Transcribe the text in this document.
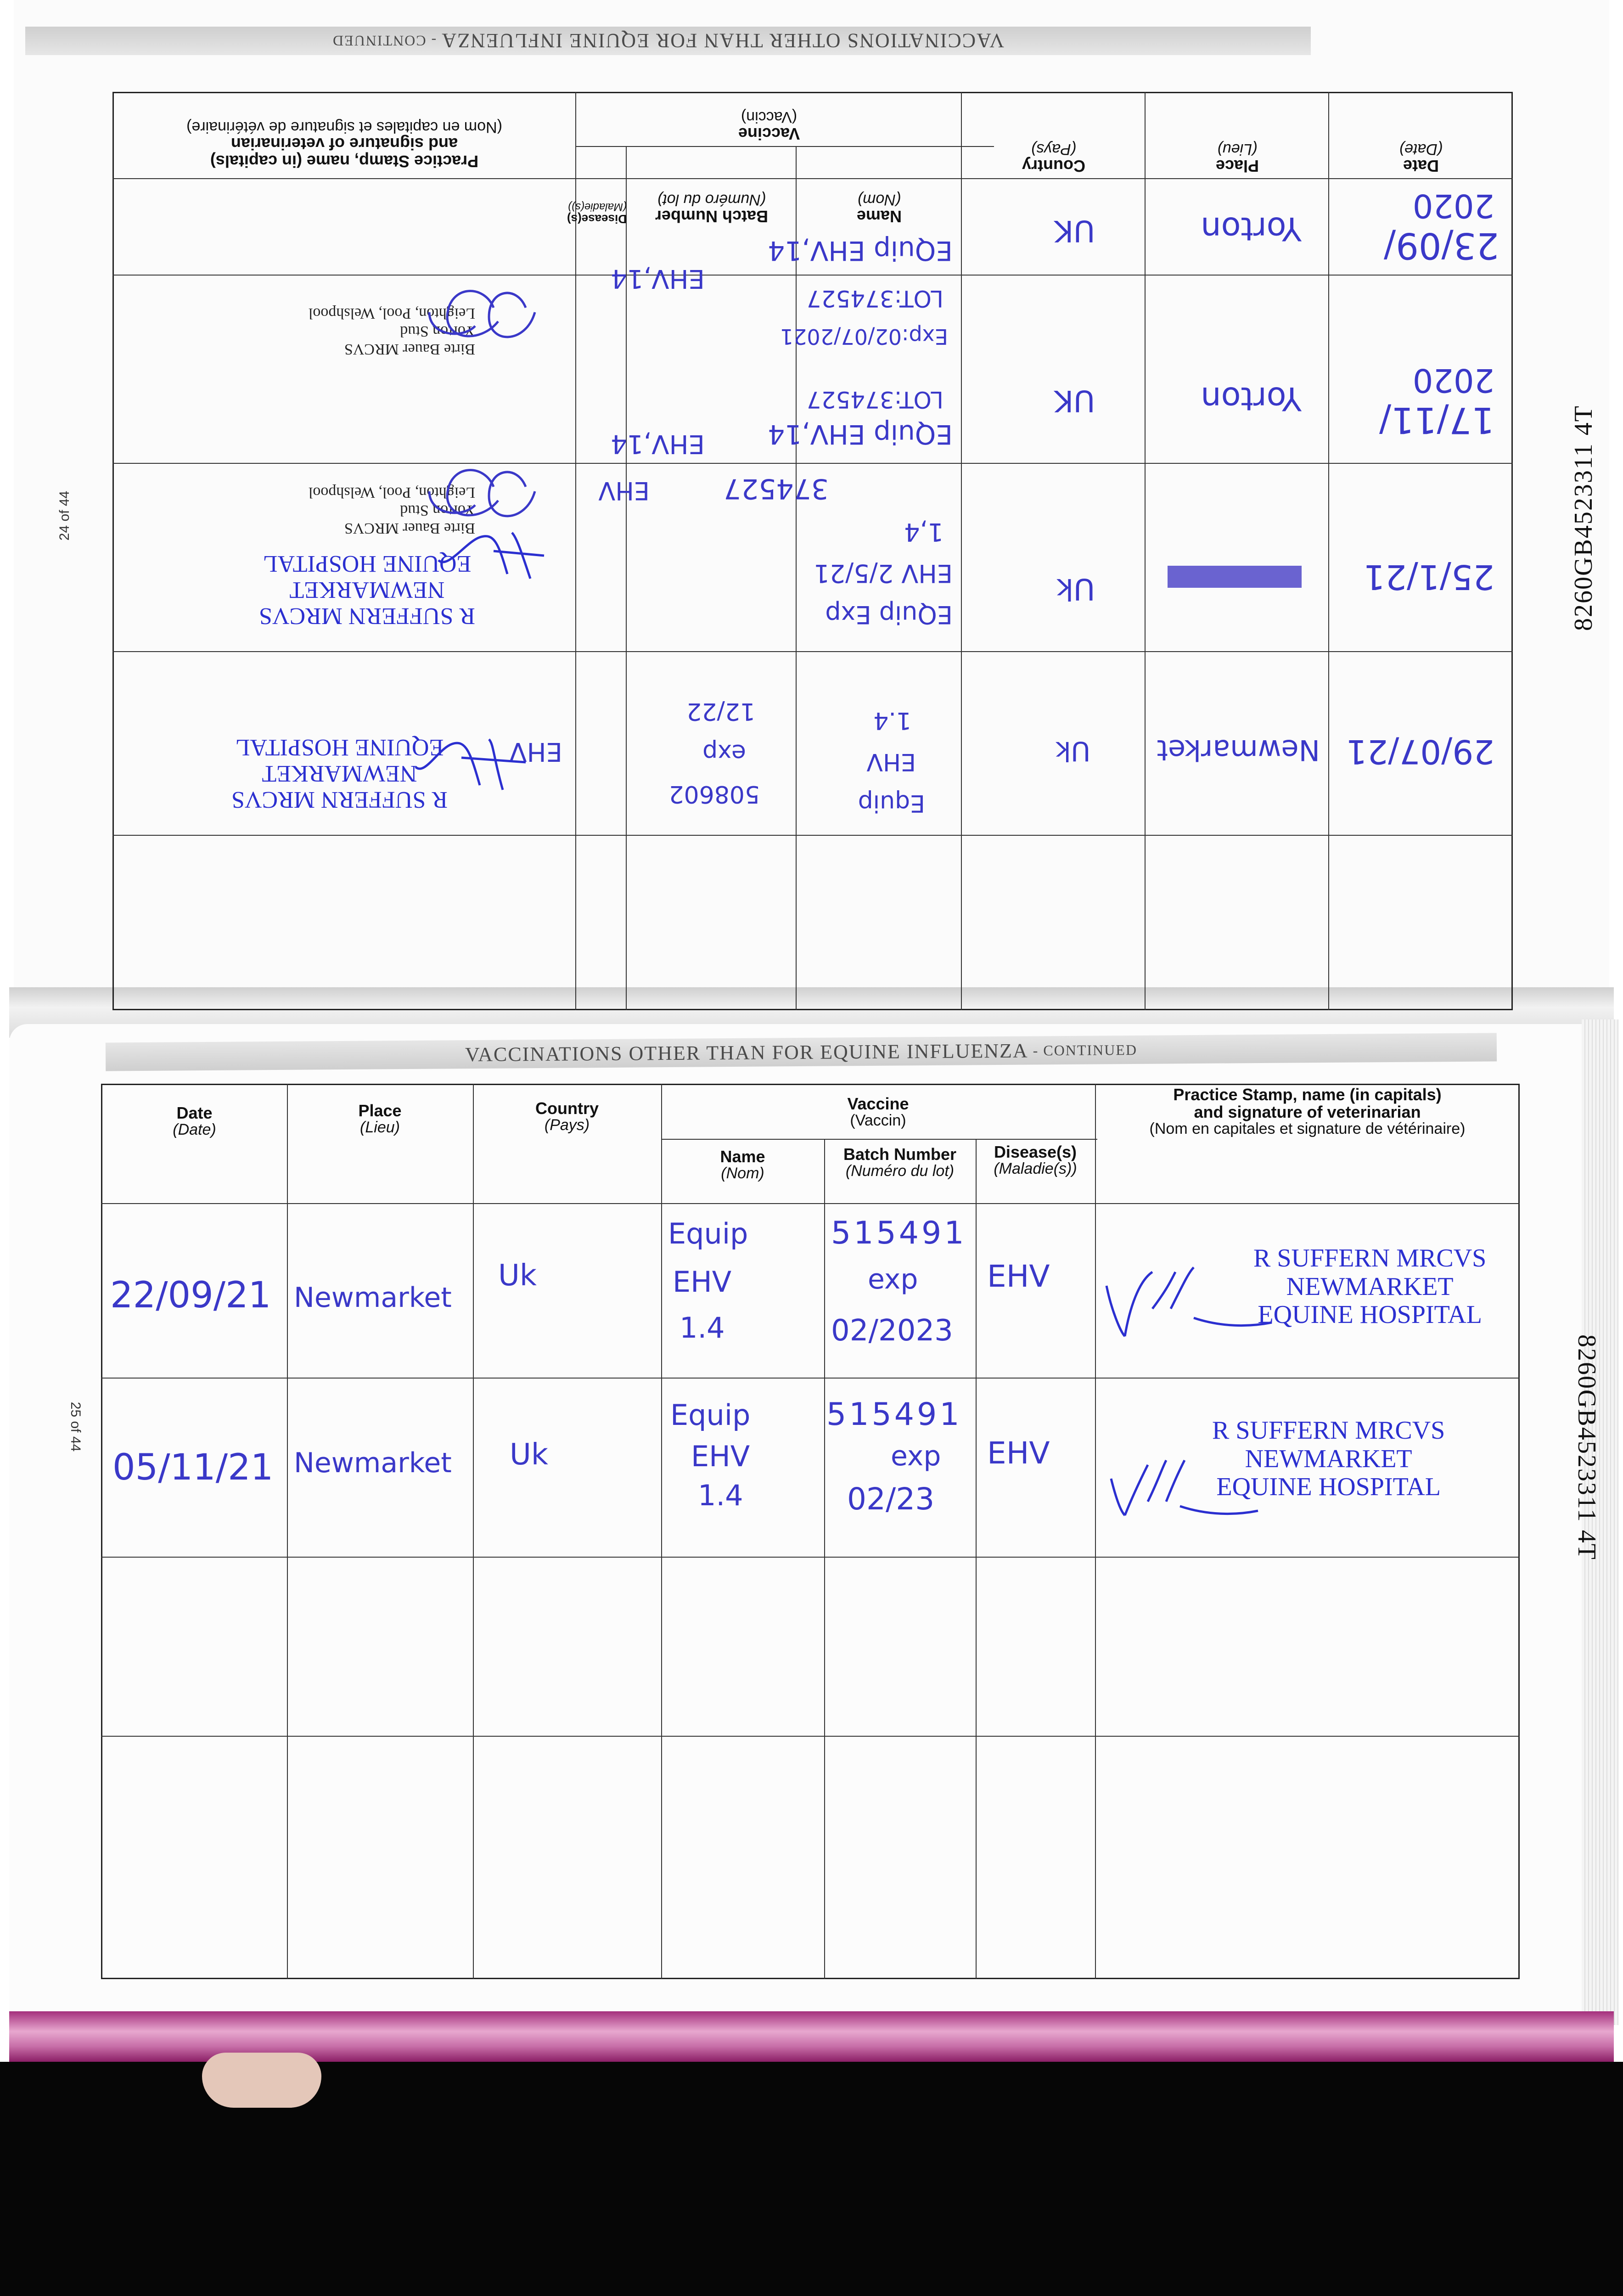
VACCINATIONS OTHER THAN FOR EQUINE INFLUENZA
- CONTINUED
Date
(Date)
Place
(Lieu)
Country
(Pays)
Vaccine
(Vaccin)
Name
(Nom)
Batch Number
(Numéro du lot)
Disease(s)
(Maladie(s))
Practice Stamp, name (in capitals)
and signature of veterinarian
(Nom en capitales et signature de vétérinaire)
23/09/
2020
Yorton
UK
EQuip EHV,14
LOT:374527
Exp:02/07/2021
EHV,14
Birte Bauer MRCVS
Yorton Stud
Leighton, Pool, Welshpool
17/11/
2020
Yorton
UK
EQuip EHV,14
LOT:374527
EHV,14
Birte Bauer MRCVS
Yorton Stud
Leighton, Pool, Welshpool
25/1/21
NEWMARKET
Uk
EQuip Exp
EHV 2/5/21
1,4
374527
EHV
R SUFFERN MRCVS
NEWMARKET
EQUINE HOSPITAL
29/07/21
Newmarket
Uk
Equip
EHV
1.4
508602
exp
12/22
EHV
R SUFFERN MRCVS
NEWMARKET
EQUINE HOSPITAL
24 of 44	8260GB4523311 4T
VACCINATIONS OTHER THAN FOR EQUINE INFLUENZA - CONTINUED
Date
(Date)
Place
(Lieu)
Country
(Pays)
Vaccine
(Vaccin)
Name
(Nom)
Batch Number
(Numéro du lot)
Disease(s)
(Maladie(s))
Practice Stamp, name (in capitals)
and signature of veterinarian
(Nom en capitales et signature de vétérinaire)
22/09/21 Newmarket
Uk
Equip
EHV
1.4
515491
exp
02/2023
EHV
R SUFFERN MRCVS
NEWMARKET
EQUINE HOSPITAL
05/11/21 Newmarket Uk
Equip
EHV
1.4
515491
exp
02/23
EHV
R SUFFERN MRCVS
NEWMARKET
EQUINE HOSPITAL
25 of 44	8260GB4523311 4T
